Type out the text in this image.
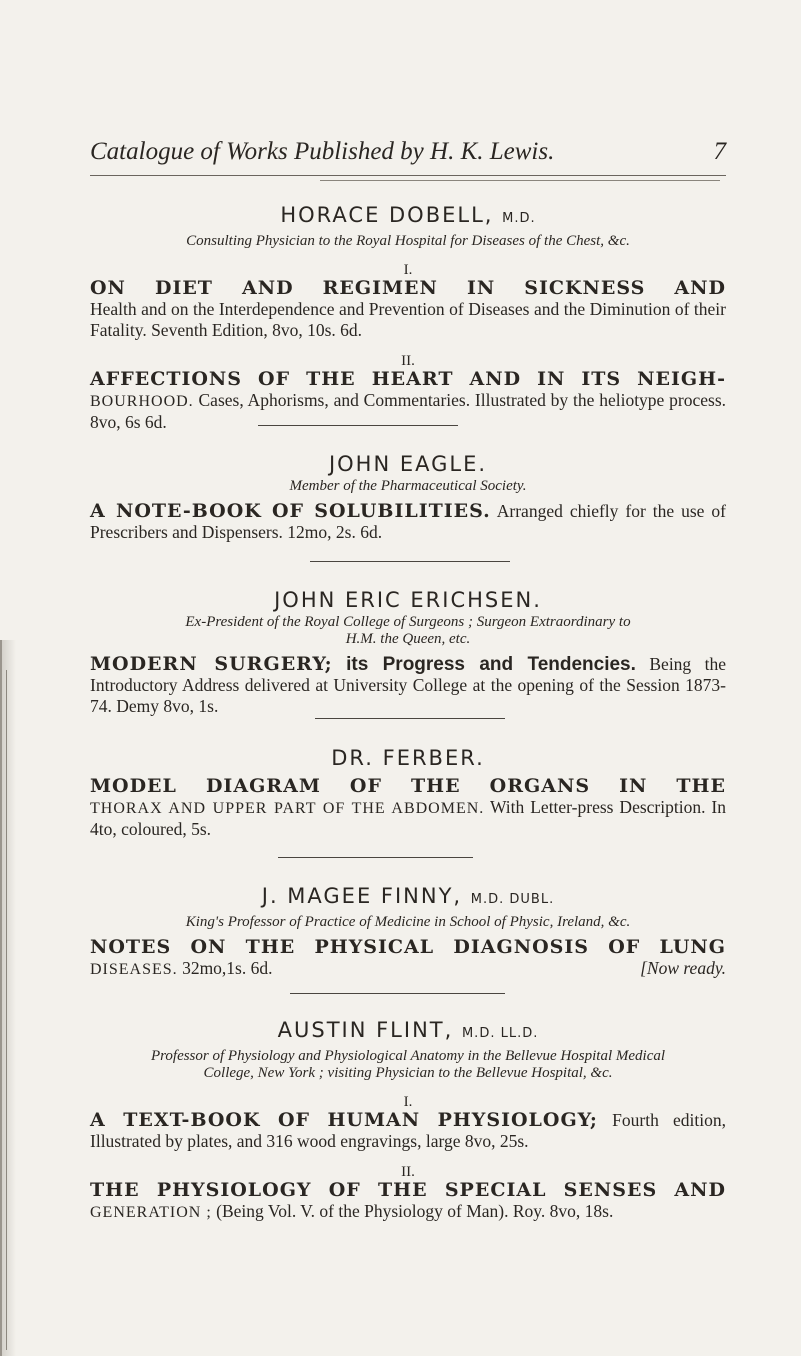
Catalogue of Works Published by H. K. Lewis.	7
HORACE DOBELL, M.D.
Consulting Physician to the Royal Hospital for Diseases of the Chest, &c.
I.
ON DIET AND REGIMEN IN SICKNESS AND
Health and on the Interdependence and Prevention of Diseases and the Diminution of their Fatality. Seventh Edition, 8vo, 10s. 6d.
II.
AFFECTIONS OF THE HEART AND IN ITS NEIGH-
BOURHOOD. Cases, Aphorisms, and Commentaries. Illustrated by the heliotype process. 8vo, 6s 6d.
JOHN EAGLE.
Member of the Pharmaceutical Society.
A NOTE-BOOK OF SOLUBILITIES. Arranged chiefly for the use of Prescribers and Dispensers. 12mo, 2s. 6d.
JOHN ERIC ERICHSEN.
Ex-President of the Royal College of Surgeons ; Surgeon Extraordinary to
H.M. the Queen, etc.
MODERN SURGERY; its Progress and Tendencies. Being the Introductory Address delivered at University College at the opening of the Session 1873-74. Demy 8vo, 1s.
DR. FERBER.
MODEL DIAGRAM OF THE ORGANS IN THE
THORAX AND UPPER PART OF THE ABDOMEN. With Letter-press Description. In 4to, coloured, 5s.
J. MAGEE FINNY, M.D. DUBL.
King's Professor of Practice of Medicine in School of Physic, Ireland, &c.
NOTES ON THE PHYSICAL DIAGNOSIS OF LUNG
DISEASES. 32mo,1s. 6d.	[Now ready.
AUSTIN FLINT, M.D. LL.D.
Professor of Physiology and Physiological Anatomy in the Bellevue Hospital Medical
College, New York ; visiting Physician to the Bellevue Hospital, &c.
I.
A TEXT-BOOK OF HUMAN PHYSIOLOGY; Fourth edition, Illustrated by plates, and 316 wood engravings, large 8vo, 25s.
II.
THE PHYSIOLOGY OF THE SPECIAL SENSES AND
GENERATION ; (Being Vol. V. of the Physiology of Man). Roy. 8vo, 18s.
